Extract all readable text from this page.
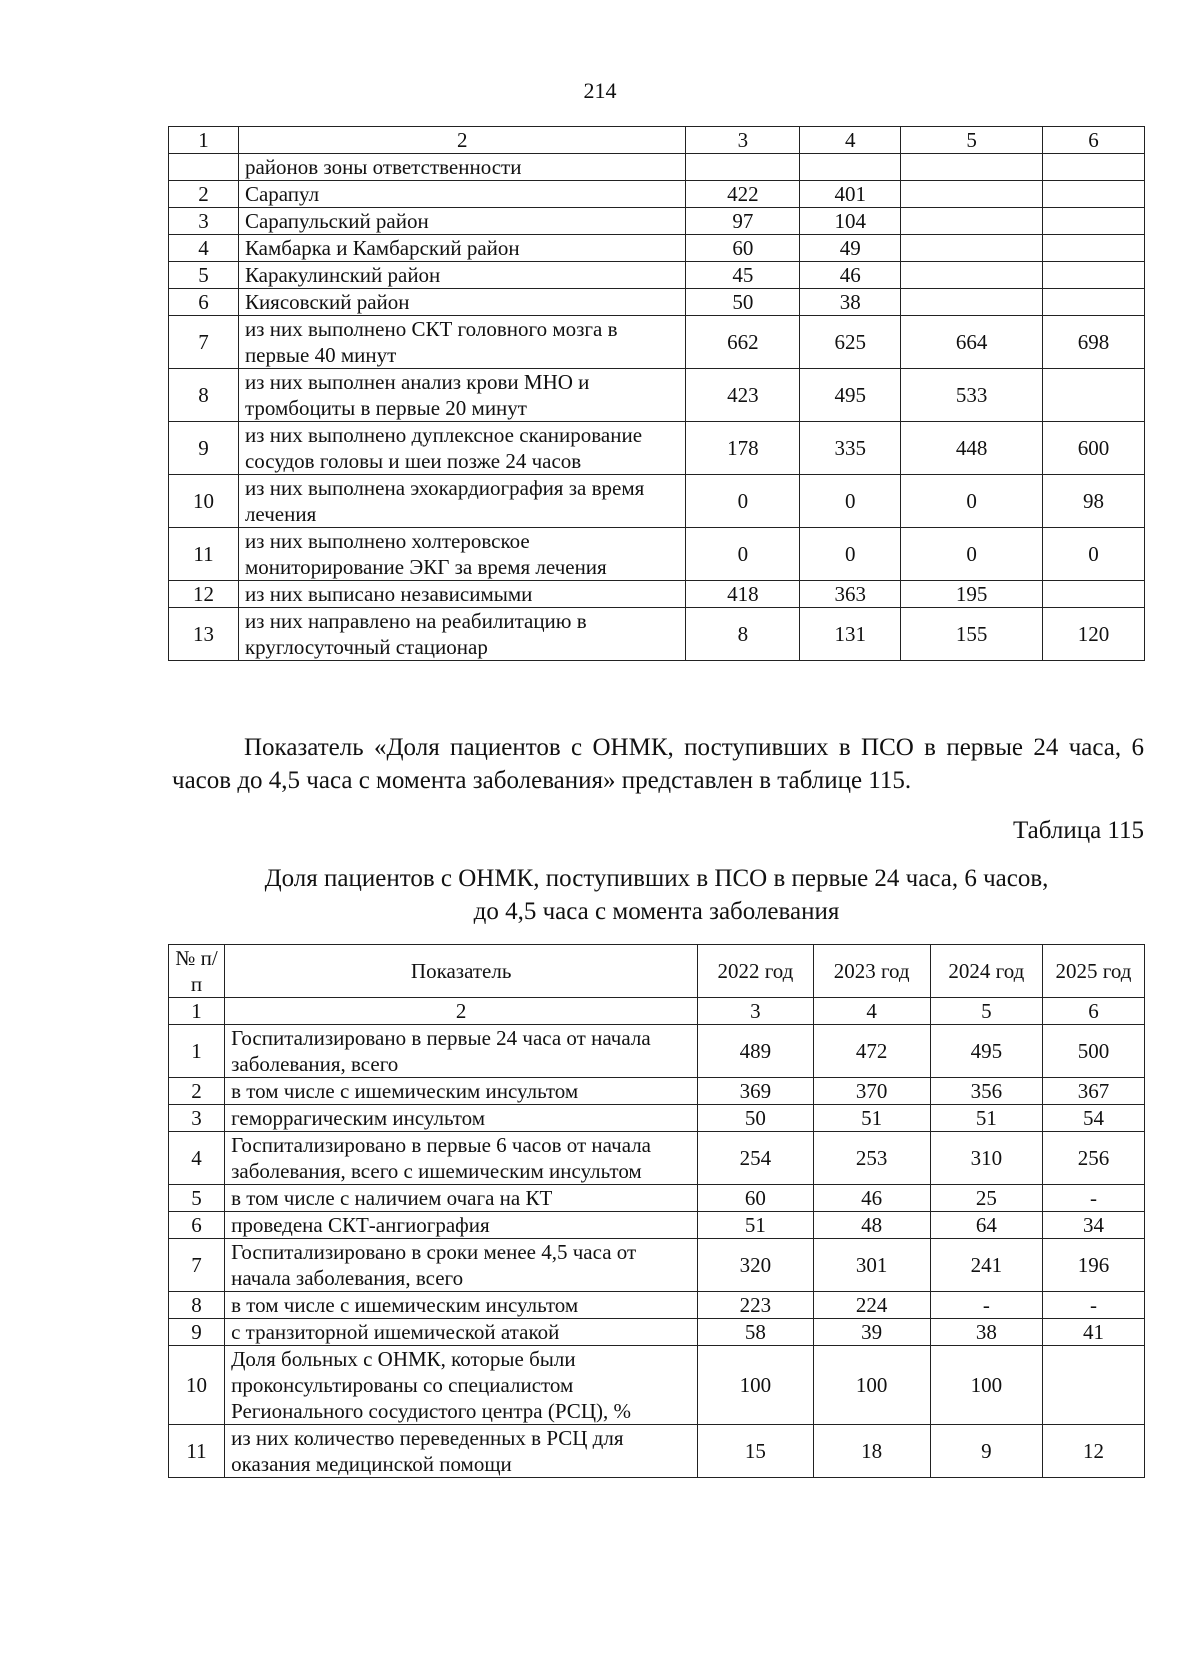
214
1	2	3	4	5	6
	районов зоны ответственности				
2	Сарапул	422	401		
3	Сарапульский район	97	104		
4	Камбарка и Камбарский район	60	49		
5	Каракулинский район	45	46		
6	Киясовский район	50	38		
7	из них выполнено СКТ головного мозга в первые 40 минут	662	625	664	698
8	из них выполнен анализ крови МНО и тромбоциты в первые 20 минут	423	495	533	
9	из них выполнено дуплексное сканирование сосудов головы и шеи позже 24 часов	178	335	448	600
10	из них выполнена эхокардиография за время лечения	0	0	0	98
11	из них выполнено холтеровское мониторирование ЭКГ за время лечения	0	0	0	0
12	из них выписано независимыми	418	363	195	
13	из них направлено на реабилитацию в круглосуточный стационар	8	131	155	120
Показатель «Доля пациентов с ОНМК, поступивших в ПСО в первые 24 часа, 6 часов до 4,5 часа с момента заболевания» представлен в таблице 115.
Таблица 115
Доля пациентов с ОНМК, поступивших в ПСО в первые 24 часа, 6 часов,
до 4,5 часа с момента заболевания
№ п/п	Показатель	2022 год	2023 год	2024 год	2025 год
1	2	3	4	5	6
1	Госпитализировано в первые 24 часа от начала заболевания, всего	489	472	495	500
2	в том числе с ишемическим инсультом	369	370	356	367
3	геморрагическим инсультом	50	51	51	54
4	Госпитализировано в первые 6 часов от начала заболевания, всего с ишемическим инсультом	254	253	310	256
5	в том числе с наличием очага на КТ	60	46	25	-
6	проведена СКТ-ангиография	51	48	64	34
7	Госпитализировано в сроки менее 4,5 часа от начала заболевания, всего	320	301	241	196
8	в том числе с ишемическим инсультом	223	224	-	-
9	с транзиторной ишемической атакой	58	39	38	41
10	Доля больных с ОНМК, которые были проконсультированы со специалистом Регионального сосудистого центра (РСЦ), %	100	100	100	
11	из них количество переведенных в РСЦ для оказания медицинской помощи	15	18	9	12
